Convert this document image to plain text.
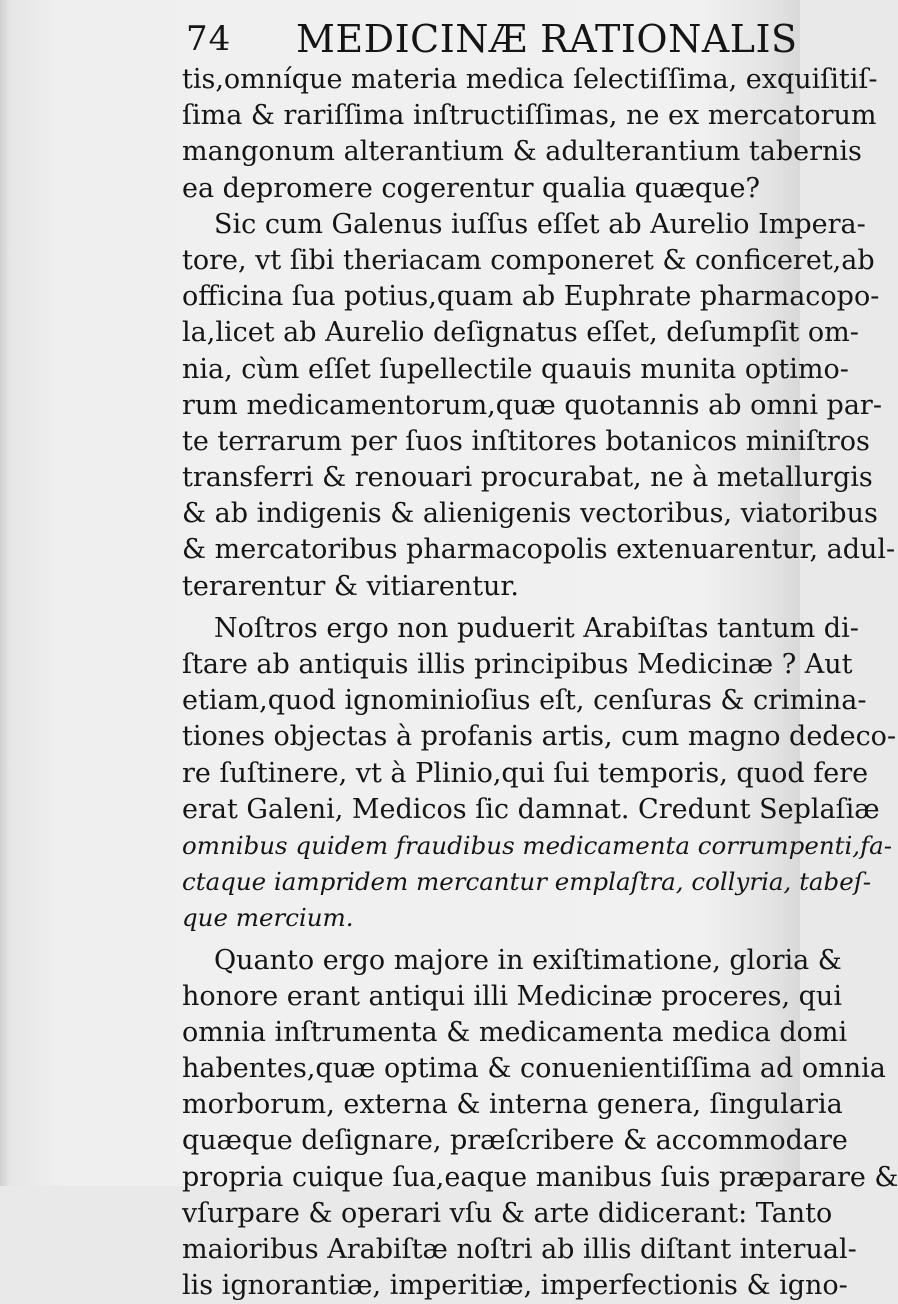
74 MEDICINÆ RATIONALIS
tis,omníque materia medica ſelectiſſima, exquiſitiſ-
ſima & rariſſima inſtructiſſimas, ne ex mercatorum
mangonum alterantium & adulterantium tabernis
ea depromere cogerentur qualia quæque?
Sic cum Galenus iuſſus eſſet ab Aurelio Impera-
tore, vt ſibi theriacam componeret & conficeret,ab
officina ſua potius,quam ab Euphrate pharmacopo-
la,licet ab Aurelio deſignatus eſſet, deſumpſit om-
nia, cùm eſſet ſupellectile quauis munita optimo-
rum medicamentorum,quæ quotannis ab omni par-
te terrarum per ſuos inſtitores botanicos miniſtros
transferri & renouari procurabat, ne à metallurgis
& ab indigenis & alienigenis vectoribus, viatoribus
& mercatoribus pharmacopolis extenuarentur, adul-
terarentur & vitiarentur.
Noſtros ergo non puduerit Arabiſtas tantum di-
ſtare ab antiquis illis principibus Medicinæ ? Aut
etiam,quod ignominioſius eſt, cenſuras & crimina-
tiones objectas à profanis artis, cum magno dedeco-
re ſuſtinere, vt à Plinio,qui ſui temporis, quod fere
erat Galeni, Medicos ſic damnat. Credunt Seplaſiæ
omnibus quidem fraudibus medicamenta corrumpenti,fa-
ctaque iampridem mercantur emplaſtra, collyria, tabeſ-
que mercium.
Quanto ergo majore in exiſtimatione, gloria &
honore erant antiqui illi Medicinæ proceres, qui
omnia inſtrumenta & medicamenta medica domi
habentes,quæ optima & conuenientiſſima ad omnia
morborum, externa & interna genera, ſingularia
quæque deſignare, præſcribere & accommodare
propria cuique ſua,eaque manibus ſuis præparare &
vſurpare & operari vſu & arte didicerant: Tanto
maioribus Arabiſtæ noſtri ab illis diſtant interual-
lis ignorantiæ, imperitiæ, imperfectionis & igno-
